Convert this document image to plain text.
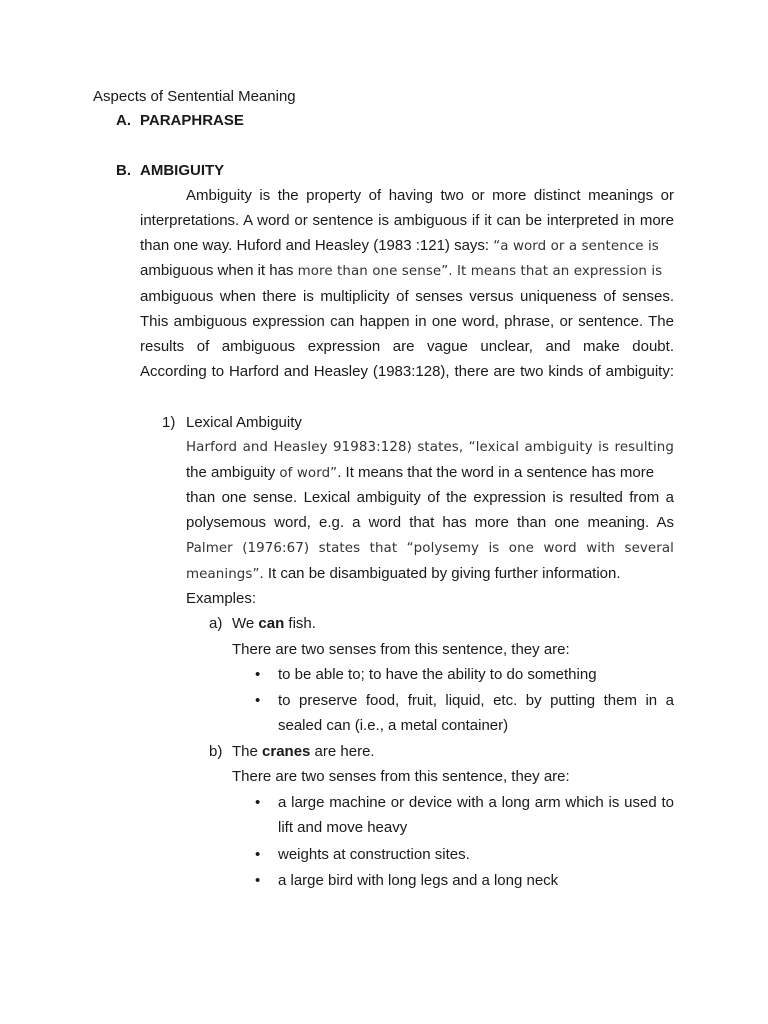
Aspects of Sentential Meaning
A. PARAPHRASE
B. AMBIGUITY
Ambiguity is the property of having two or more distinct meanings or
interpretations. A word or sentence is ambiguous if it can be interpreted in more
than one way. Huford and Heasley (1983 :121) says: “a word or a sentence is
ambiguous when it has more than one sense”. It means that an expression is
ambiguous when there is multiplicity of senses versus uniqueness of senses.
This ambiguous expression can happen in one word, phrase, or sentence. The
results of ambiguous expression are vague unclear, and make doubt.
According to Harford and Heasley (1983:128), there are two kinds of ambiguity:
1) Lexical Ambiguity
Harford and Heasley 91983:128) states, “lexical ambiguity is resulting
the ambiguity of word”. It means that the word in a sentence has more
than one sense. Lexical ambiguity of the expression is resulted from a
polysemous word, e.g. a word that has more than one meaning. As
Palmer (1976:67) states that “polysemy is one word with several
meanings”. It can be disambiguated by giving further information.
Examples:
a) We can fish.
There are two senses from this sentence, they are:
• to be able to; to have the ability to do something
• to preserve food, fruit, liquid, etc. by putting them in a
sealed can (i.e., a metal container)
b) The cranes are here.
There are two senses from this sentence, they are:
• a large machine or device with a long arm which is used to
lift and move heavy
• weights at construction sites.
• a large bird with long legs and a long neck
